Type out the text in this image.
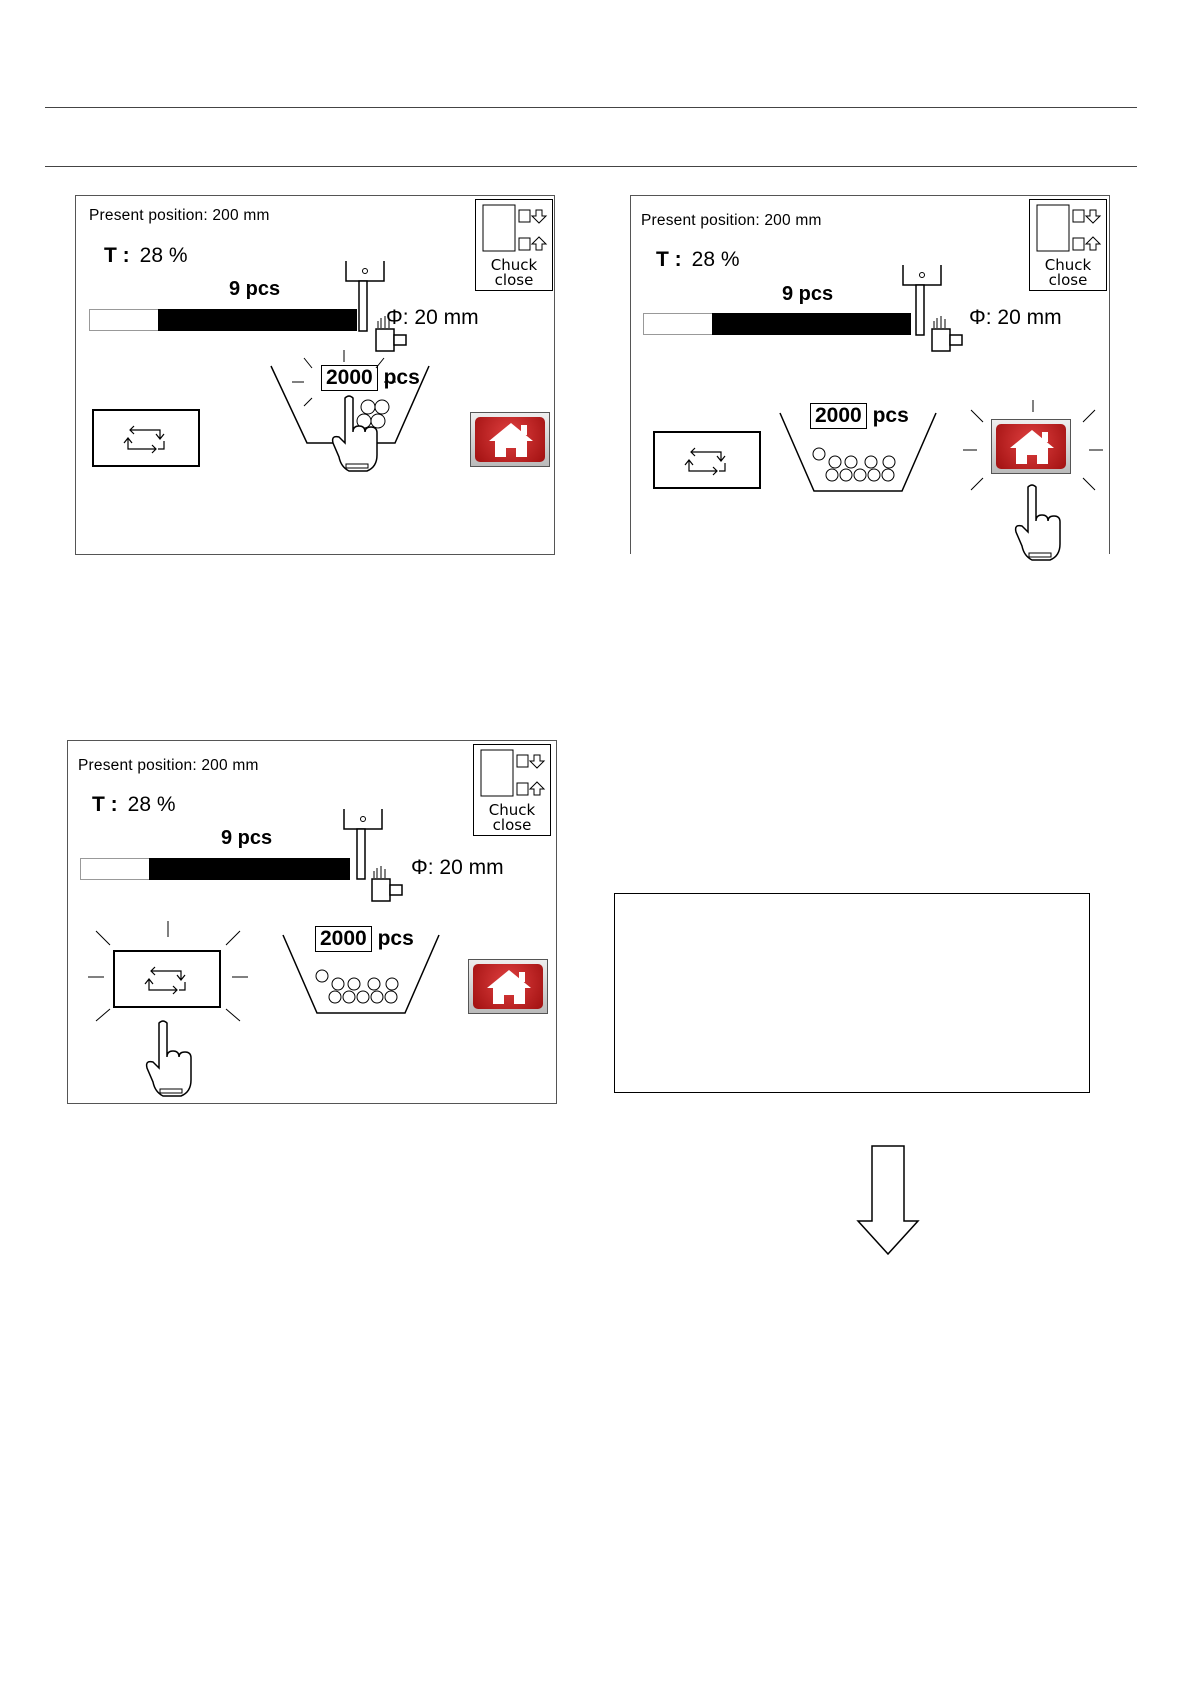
Present position: 200 mm
T : 28 %
9 pcs
Φ: 20 mm
Chuck
close
2000 pcs
Present position: 200 mm
T : 28 %
9 pcs
Φ: 20 mm
Chuck
close
2000 pcs
Present position: 200 mm
T : 28 %
9 pcs
Φ: 20 mm
Chuck
close
2000 pcs
